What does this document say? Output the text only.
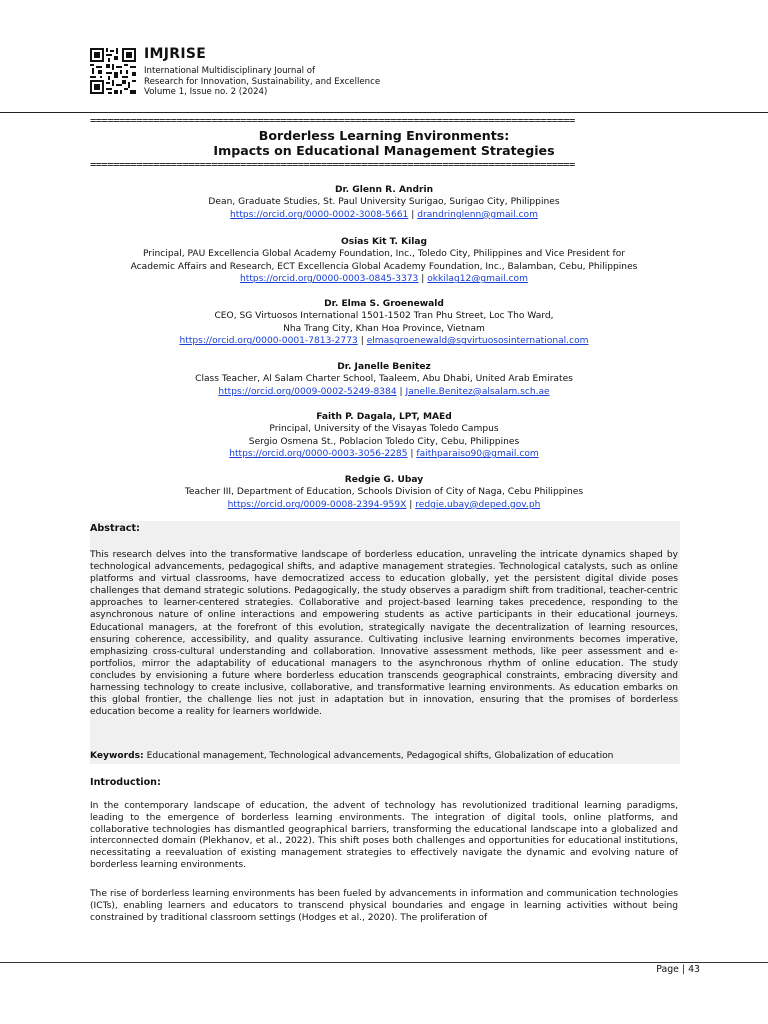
IMJRISE
International Multidisciplinary Journal of
Research for Innovation, Sustainability, and Excellence
Volume 1, Issue no. 2 (2024)
====================================================================================
Borderless Learning Environments:
Impacts on Educational Management Strategies
====================================================================================
Dr. Glenn R. Andrin
Dean, Graduate Studies, St. Paul University Surigao, Surigao City, Philippines
https://orcid.org/0000-0002-3008-5661 | drandringlenn@gmail.com
Osias Kit T. Kilag
Principal, PAU Excellencia Global Academy Foundation, Inc., Toledo City, Philippines and Vice President for
Academic Affairs and Research, ECT Excellencia Global Academy Foundation, Inc., Balamban, Cebu, Philippines
https://orcid.org/0000-0003-0845-3373 | okkilag12@gmail.com
Dr. Elma S. Groenewald
CEO, SG Virtuosos International 1501-1502 Tran Phu Street, Loc Tho Ward,
Nha Trang City, Khan Hoa Province, Vietnam
https://orcid.org/0000-0001-7813-2773 | elmasgroenewald@sgvirtuososinternational.com
Dr. Janelle Benitez
Class Teacher, Al Salam Charter School, Taaleem, Abu Dhabi, United Arab Emirates
https://orcid.org/0009-0002-5249-8384 | Janelle.Benitez@alsalam.sch.ae
Faith P. Dagala, LPT, MAEd
Principal, University of the Visayas Toledo Campus
Sergio Osmena St., Poblacion Toledo City, Cebu, Philippines
https://orcid.org/0000-0003-3056-2285 | faithparaiso90@gmail.com
Redgie G. Ubay
Teacher III, Department of Education, Schools Division of City of Naga, Cebu Philippines
https://orcid.org/0009-0008-2394-959X | redgie.ubay@deped.gov.ph
Abstract:
This research delves into the transformative landscape of borderless education, unraveling the intricate dynamics shaped by technological advancements, pedagogical shifts, and adaptive management strategies. Technological catalysts, such as online platforms and virtual classrooms, have democratized access to education globally, yet the persistent digital divide poses challenges that demand strategic solutions. Pedagogically, the study observes a paradigm shift from traditional, teacher-centric approaches to learner-centered strategies. Collaborative and project-based learning takes precedence, responding to the asynchronous nature of online interactions and empowering students as active participants in their educational journeys. Educational managers, at the forefront of this evolution, strategically navigate the decentralization of learning resources, ensuring coherence, accessibility, and quality assurance. Cultivating inclusive learning environments becomes imperative, emphasizing cross-cultural understanding and collaboration. Innovative assessment methods, like peer assessment and e-portfolios, mirror the adaptability of educational managers to the asynchronous rhythm of online education. The study concludes by envisioning a future where borderless education transcends geographical constraints, embracing diversity and harnessing technology to create inclusive, collaborative, and transformative learning environments. As education embarks on this global frontier, the challenge lies not just in adaptation but in innovation, ensuring that the promises of borderless education become a reality for learners worldwide.
Keywords: Educational management, Technological advancements, Pedagogical shifts, Globalization of education
Introduction:
In the contemporary landscape of education, the advent of technology has revolutionized traditional learning paradigms, leading to the emergence of borderless learning environments. The integration of digital tools, online platforms, and collaborative technologies has dismantled geographical barriers, transforming the educational landscape into a globalized and interconnected domain (Plekhanov, et al., 2022). This shift poses both challenges and opportunities for educational institutions, necessitating a reevaluation of existing management strategies to effectively navigate the dynamic and evolving nature of borderless learning environments.
The rise of borderless learning environments has been fueled by advancements in information and communication technologies (ICTs), enabling learners and educators to transcend physical boundaries and engage in learning activities without being constrained by traditional classroom settings (Hodges et al., 2020). The proliferation of
Page | 43
